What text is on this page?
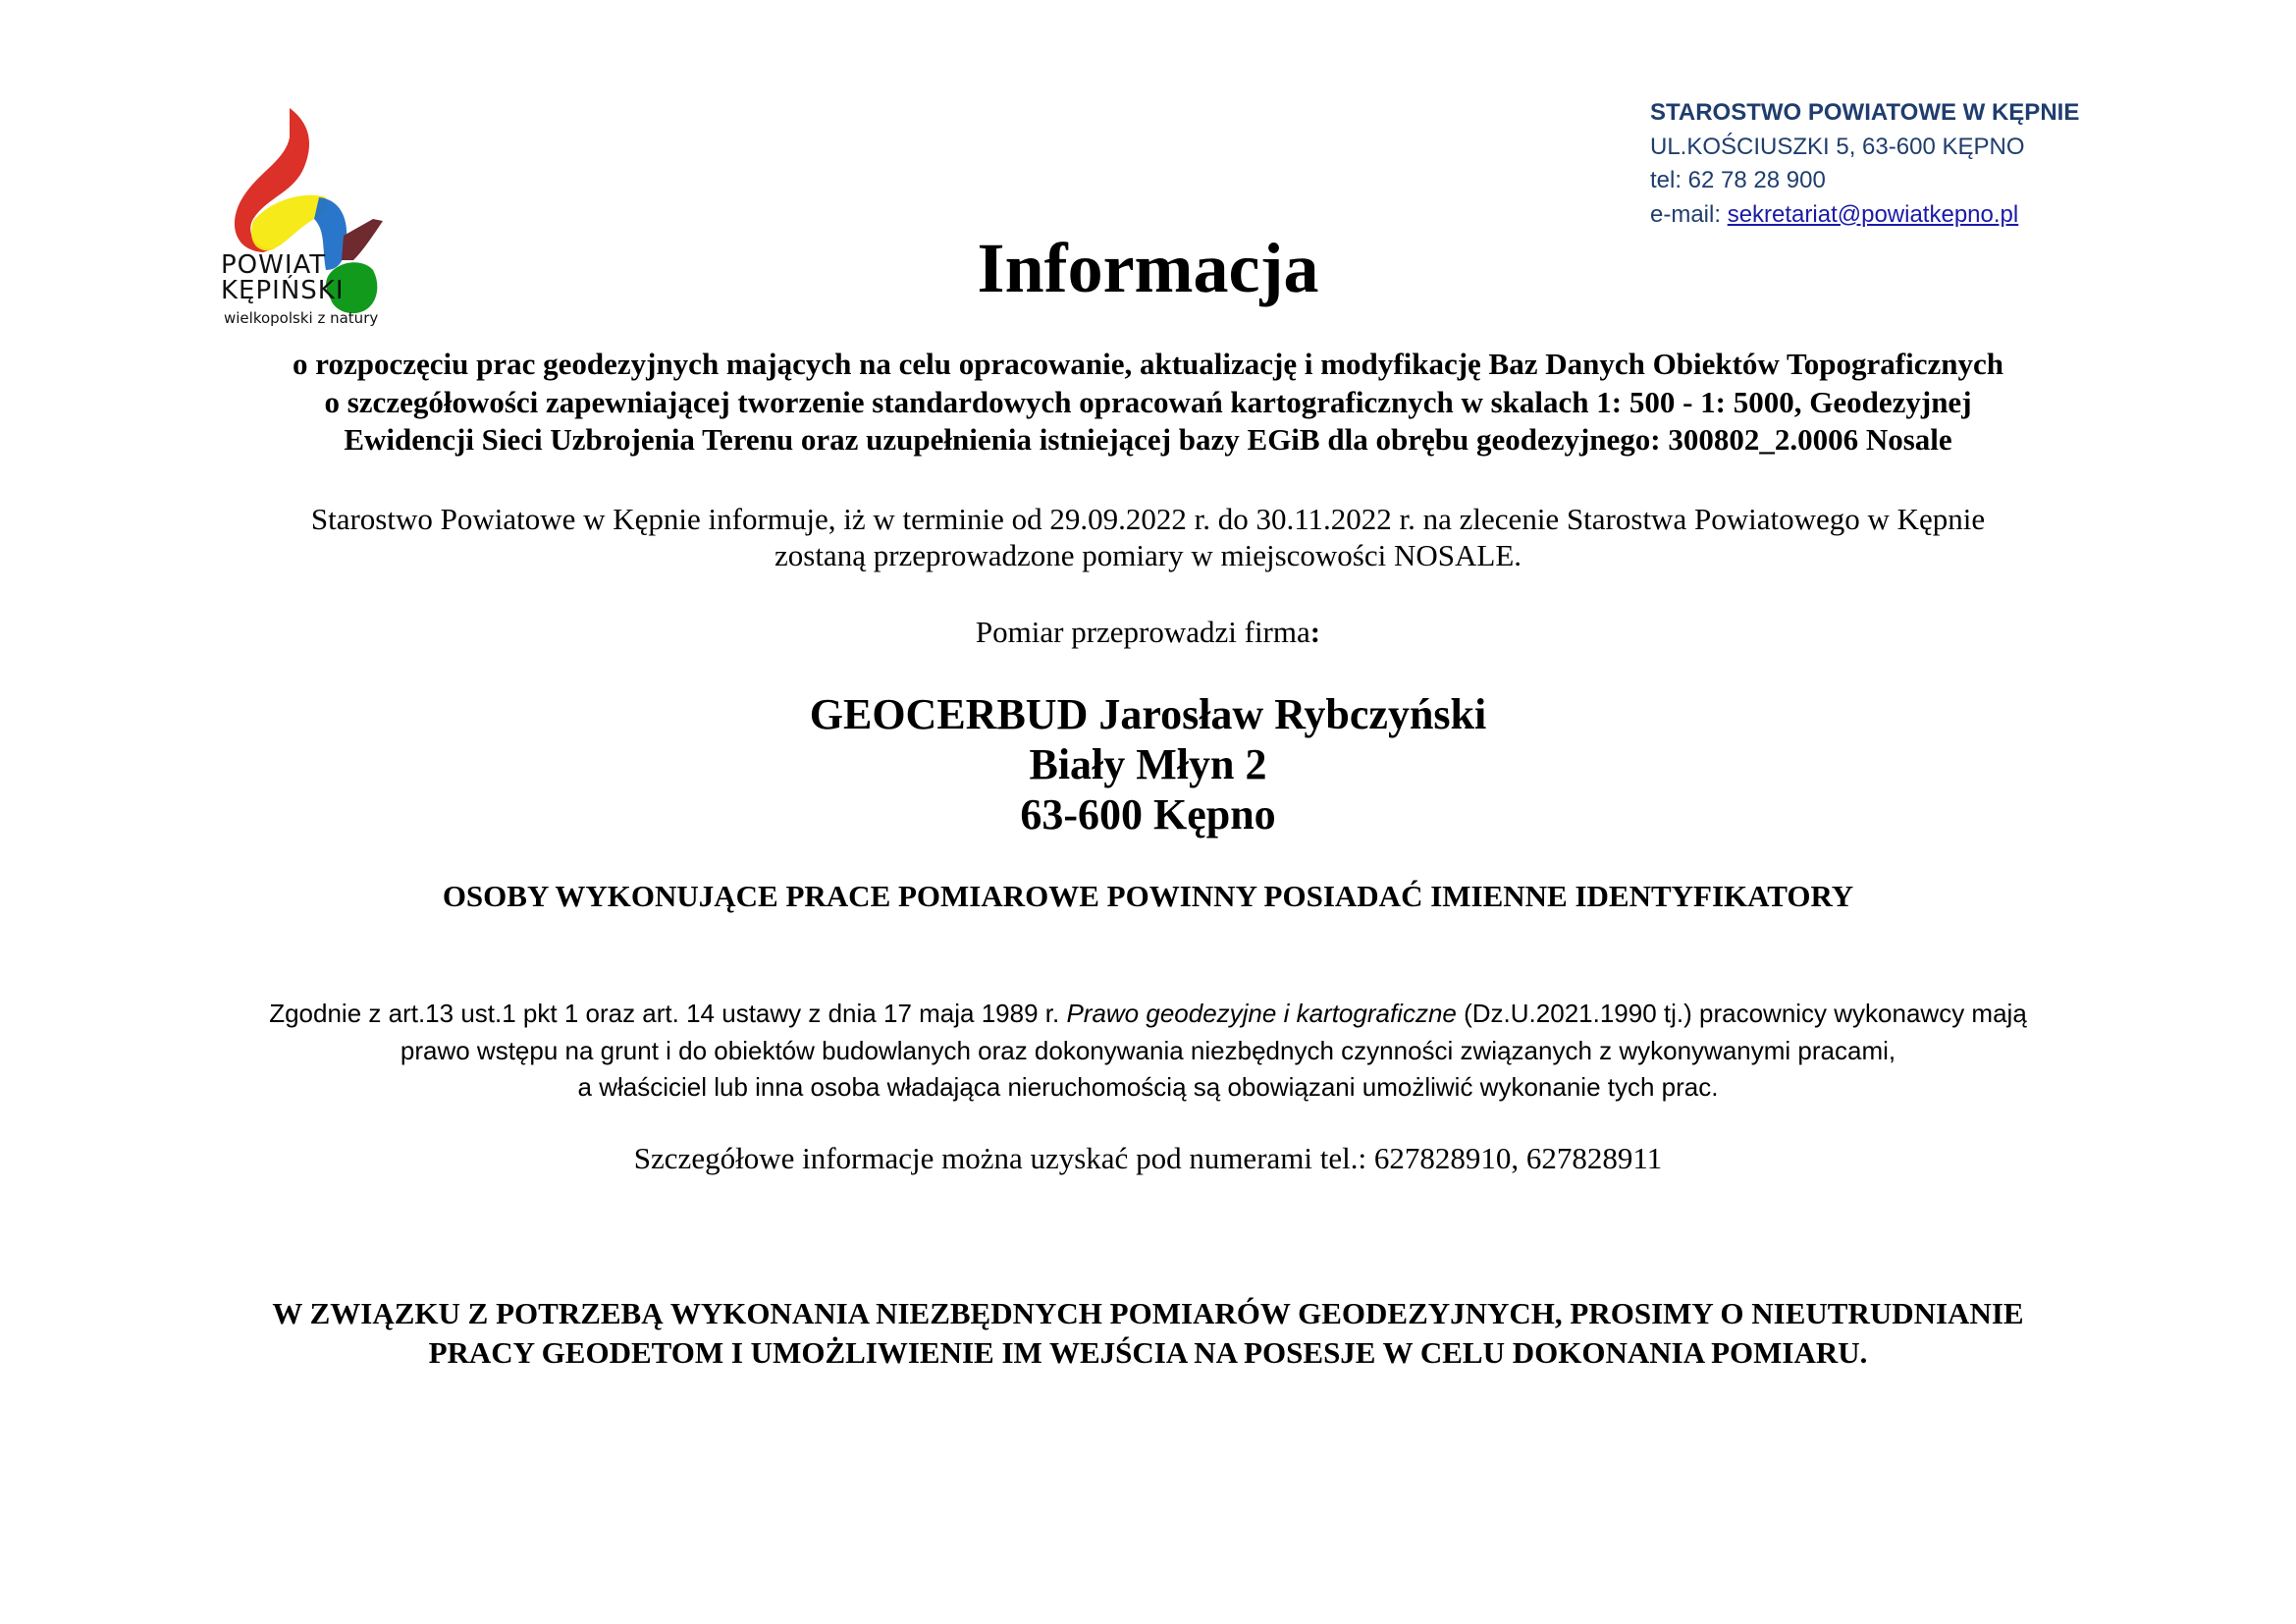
POWIAT
KĘPIŃSKI
wielkopolski z natury
STAROSTWO POWIATOWE W KĘPNIE
UL.KOŚCIUSZKI 5, 63-600 KĘPNO
tel: 62 78 28 900
e-mail: sekretariat@powiatkepno.pl
Informacja
o rozpoczęciu prac geodezyjnych mających na celu opracowanie, aktualizację i modyfikację Baz Danych Obiektów Topograficznych
o szczegółowości zapewniającej tworzenie standardowych opracowań kartograficznych w skalach 1: 500 - 1: 5000, Geodezyjnej
Ewidencji Sieci Uzbrojenia Terenu oraz uzupełnienia istniejącej bazy EGiB dla obrębu geodezyjnego: 300802_2.0006 Nosale
Starostwo Powiatowe w Kępnie informuje, iż w terminie od 29.09.2022 r. do 30.11.2022 r. na zlecenie Starostwa Powiatowego w Kępnie
zostaną przeprowadzone pomiary w miejscowości NOSALE.
Pomiar przeprowadzi firma:
GEOCERBUD Jarosław Rybczyński
Biały Młyn 2
63-600 Kępno
OSOBY WYKONUJĄCE PRACE POMIAROWE POWINNY POSIADAĆ IMIENNE IDENTYFIKATORY
Zgodnie z art.13 ust.1 pkt 1 oraz art. 14 ustawy z dnia 17 maja 1989 r. Prawo geodezyjne i kartograficzne (Dz.U.2021.1990 tj.) pracownicy wykonawcy mają
prawo wstępu na grunt i do obiektów budowlanych oraz dokonywania niezbędnych czynności związanych z wykonywanymi pracami,
a właściciel lub inna osoba władająca nieruchomością są obowiązani umożliwić wykonanie tych prac.
Szczegółowe informacje można uzyskać pod numerami tel.: 627828910, 627828911
W ZWIĄZKU Z POTRZEBĄ WYKONANIA NIEZBĘDNYCH POMIARÓW GEODEZYJNYCH, PROSIMY O NIEUTRUDNIANIE
PRACY GEODETOM I UMOŻLIWIENIE IM WEJŚCIA NA POSESJE W CELU DOKONANIA POMIARU.
